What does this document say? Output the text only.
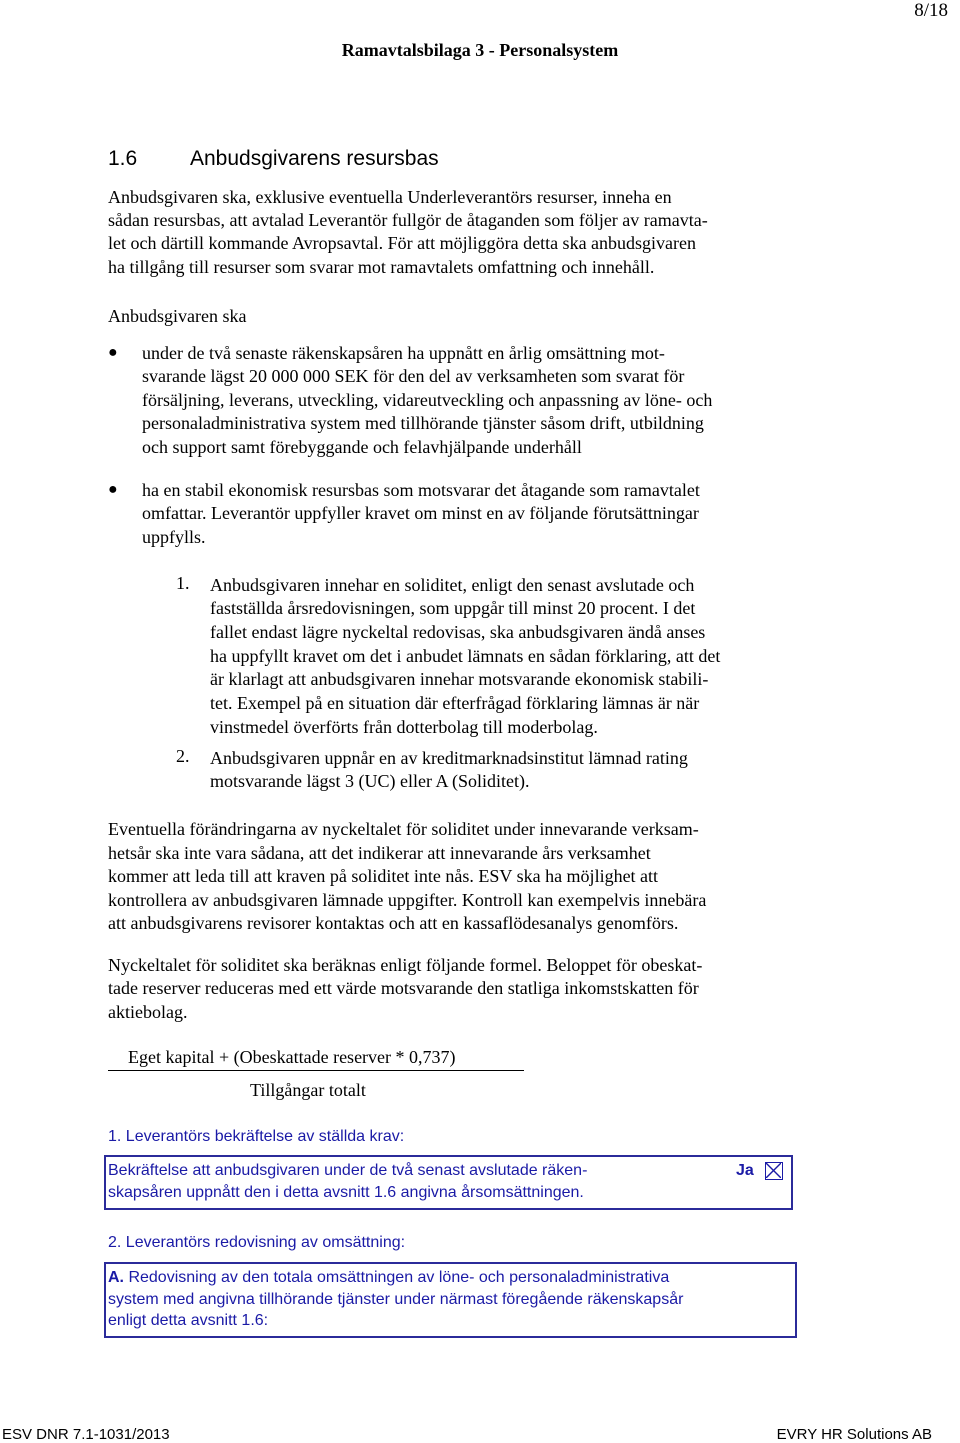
8/18
Ramavtalsbilaga 3 - Personalsystem
1.6	Anbudsgivarens resursbas
Anbudsgivaren ska, exklusive eventuella Underleverantörs resurser, inneha en
sådan resursbas, att avtalad Leverantör fullgör de åtaganden som följer av ramavta-
let och därtill kommande Avropsavtal. För att möjliggöra detta ska anbudsgivaren
ha tillgång till resurser som svarar mot ramavtalets omfattning och innehåll.
Anbudsgivaren ska
● under de två senaste räkenskapsåren ha uppnått en årlig omsättning mot-
svarande lägst 20 000 000 SEK för den del av verksamheten som svarat för
försäljning, leverans, utveckling, vidareutveckling och anpassning av löne- och
personaladministrativa system med tillhörande tjänster såsom drift, utbildning
och support samt förebyggande och felavhjälpande underhåll
● ha en stabil ekonomisk resursbas som motsvarar det åtagande som ramavtalet
omfattar. Leverantör uppfyller kravet om minst en av följande förutsättningar
uppfylls.
1. Anbudsgivaren innehar en soliditet, enligt den senast avslutade och
fastställda årsredovisningen, som uppgår till minst 20 procent. I det
fallet endast lägre nyckeltal redovisas, ska anbudsgivaren ändå anses
ha uppfyllt kravet om det i anbudet lämnats en sådan förklaring, att det
är klarlagt att anbudsgivaren innehar motsvarande ekonomisk stabili-
tet. Exempel på en situation där efterfrågad förklaring lämnas är när
vinstmedel överförts från dotterbolag till moderbolag.
2. Anbudsgivaren uppnår en av kreditmarknadsinstitut lämnad rating
motsvarande lägst 3 (UC) eller A (Soliditet).
Eventuella förändringarna av nyckeltalet för soliditet under innevarande verksam-
hetsår ska inte vara sådana, att det indikerar att innevarande års verksamhet
kommer att leda till att kraven på soliditet inte nås. ESV ska ha möjlighet att
kontrollera av anbudsgivaren lämnade uppgifter. Kontroll kan exempelvis innebära
att anbudsgivarens revisorer kontaktas och att en kassaflödesanalys genomförs.
Nyckeltalet för soliditet ska beräknas enligt följande formel. Beloppet för obeskat-
tade reserver reduceras med ett värde motsvarande den statliga inkomstskatten för
aktiebolag.
Eget kapital + (Obeskattade reserver * 0,737)
Tillgångar totalt
1. Leverantörs bekräftelse av ställda krav:
Bekräftelse att anbudsgivaren under de två senast avslutade räken-
skapsåren uppnått den i detta avsnitt 1.6 angivna årsomsättningen.
Ja
2. Leverantörs redovisning av omsättning:
A. Redovisning av den totala omsättningen av löne- och personaladministrativa
system med angivna tillhörande tjänster under närmast föregående räkenskapsår
enligt detta avsnitt 1.6:
ESV DNR 7.1-1031/2013	EVRY HR Solutions AB
